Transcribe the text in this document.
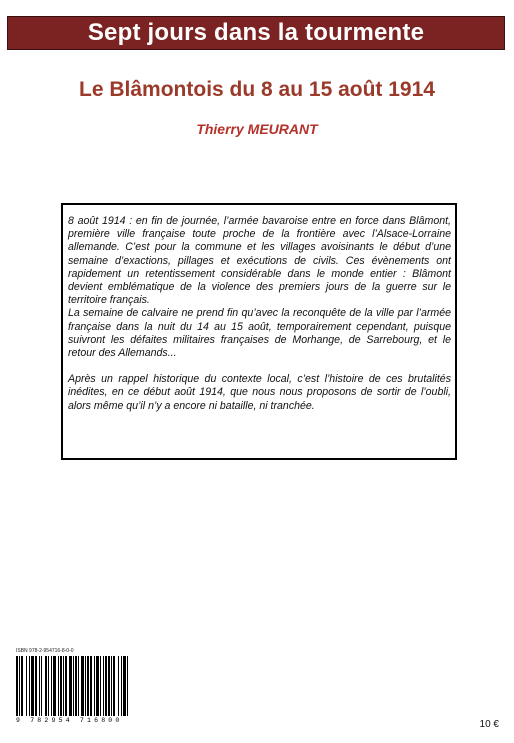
Sept jours dans la tourmente
Le Blâmontois du 8 au 15 août 1914
Thierry MEURANT

8 août 1914 : en fin de journée, l’armée bavaroise entre en force dans Blâmont, première ville française toute proche de la frontière avec l’Alsace-Lorraine allemande. C’est pour la commune et les villages avoisinants le début d’une semaine d’exactions, pillages et exécutions de civils. Ces évènements ont rapidement un retentissement considérable dans le monde entier : Blâmont devient emblématique de la violence des premiers jours de la guerre sur le territoire français.

La semaine de calvaire ne prend fin qu’avec la reconquête de la ville par l’armée française dans la nuit du 14 au 15 août, temporairement cependant, puisque suivront les défaites militaires françaises de Morhange, de Sarrebourg, et le retour des Allemands...

Après un rappel historique du contexte local, c’est l’histoire de ces brutalités inédites, en ce début août 1914, que nous nous proposons de sortir de l’oubli, alors même qu’il n’y a encore ni bataille, ni tranchée.

ISBN 978-2-954716-8-0-0
9 782954 716800	10 €
